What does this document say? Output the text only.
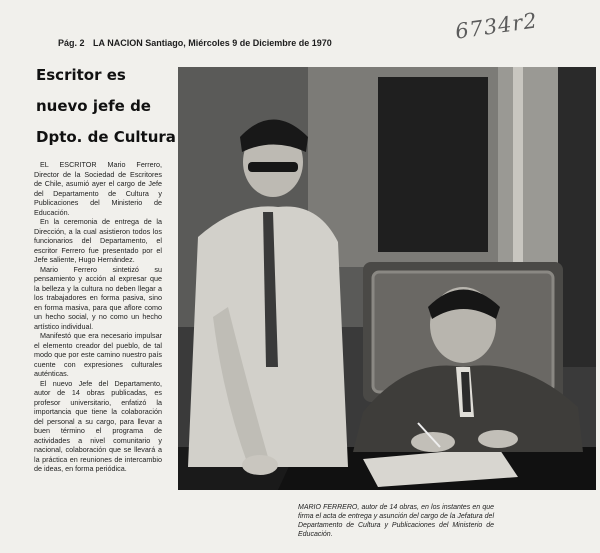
Pág. 2 LA NACION Santiago, Miércoles 9 de Diciembre de 1970	6734r2
Escritor es
nuevo jefe de
Dpto. de Cultura

EL ESCRITOR Mario Ferrero, Director de la Sociedad de Escritores de Chile, asumió ayer el cargo de Jefe del Departamento de Cultura y Publicaciones del Ministerio de Educación.

En la ceremonia de entrega de la Dirección, a la cual asistieron todos los funcionarios del Departamento, el escritor Ferrero fue presentado por el Jefe saliente, Hugo Hernández.

Mario Ferrero sintetizó su pensamiento y acción al expresar que la belleza y la cultura no deben llegar a los trabajadores en forma pasiva, sino en forma masiva, para que aflore como un hecho social, y no como un hecho artístico individual.

Manifestó que era necesario impulsar el elemento creador del pueblo, de tal modo que por este camino nuestro país cuente con expresiones culturales auténticas.

El nuevo Jefe del Departamento, autor de 14 obras publicadas, es profesor universitario, enfatizó la importancia que tiene la colaboración del personal a su cargo, para llevar a buen término el programa de actividades a nivel comunitario y nacional, colaboración que se llevará a la práctica en reuniones de intercambio de ideas, en forma periódica.

MARIO FERRERO, autor de 14 obras, en los instantes en que firma el acta de entrega y asunción del cargo de la Jefatura del Departamento de Cultura y Publicaciones del Ministerio de Educación.
